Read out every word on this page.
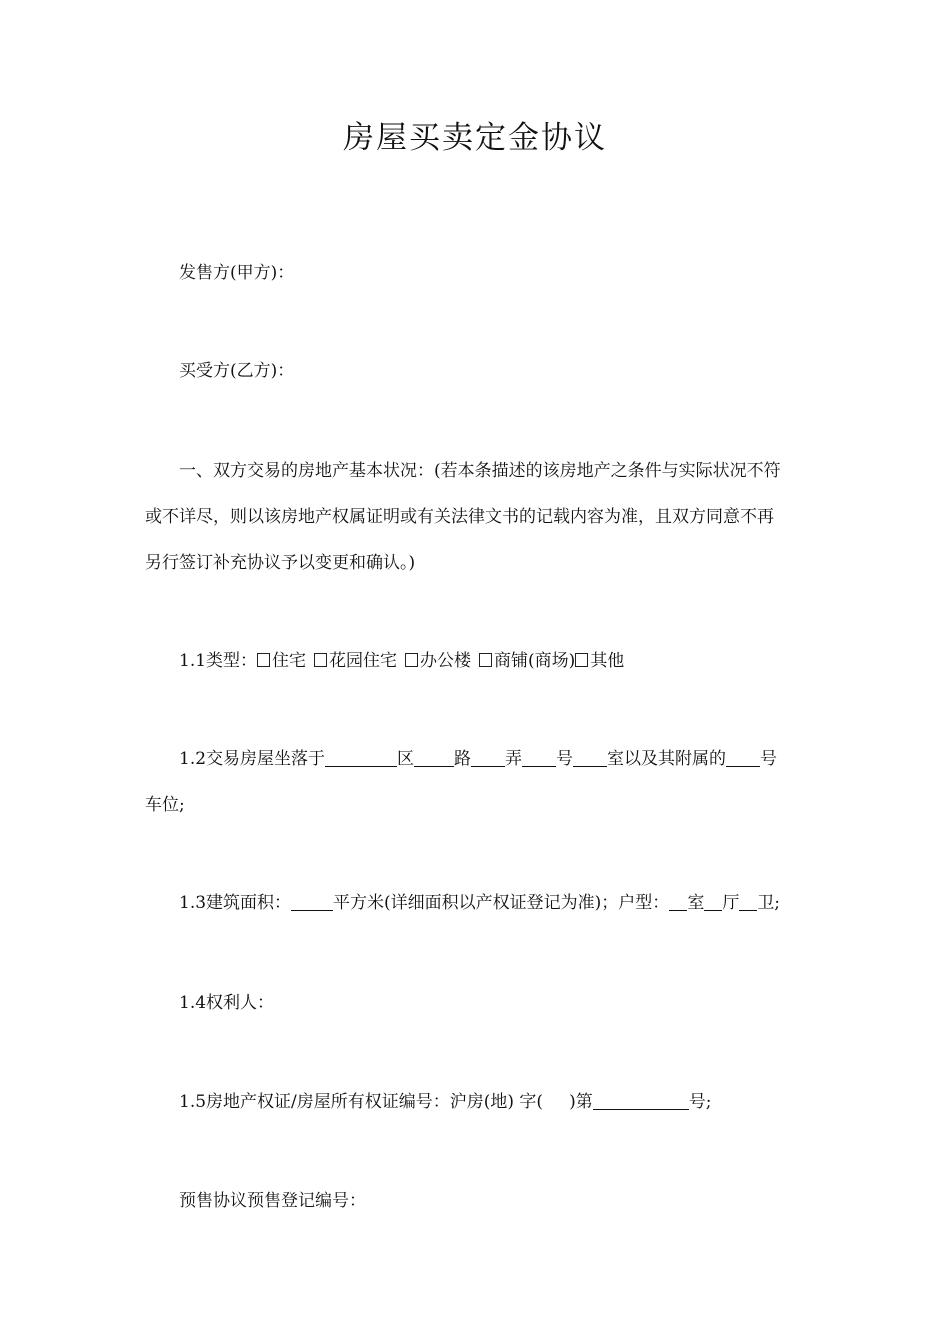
房屋买卖定金协议
发售方(甲方)：
买受方(乙方)：
一、双方交易的房地产基本状况：(若本条描述的该房地产之条件与实际状况不符
或不详尽，则以该房地产权属证明或有关法律文书的记载内容为准，且双方同意不再
另行签订补充协议予以变更和确认。)
1.1类型： 住宅 花园住宅 办公楼 商铺(商场) 其他
1.2交易房屋坐落于	区 路 弄 号 室以及其附属的 号
车位;
1.3建筑面积： 平方米(详细面积以产权证登记为准)；户型： 室 厅 卫;
1.4权利人：
1.5房地产权证/房屋所有权证编号：沪房(地) 字( )第	号;
预售协议预售登记编号：
